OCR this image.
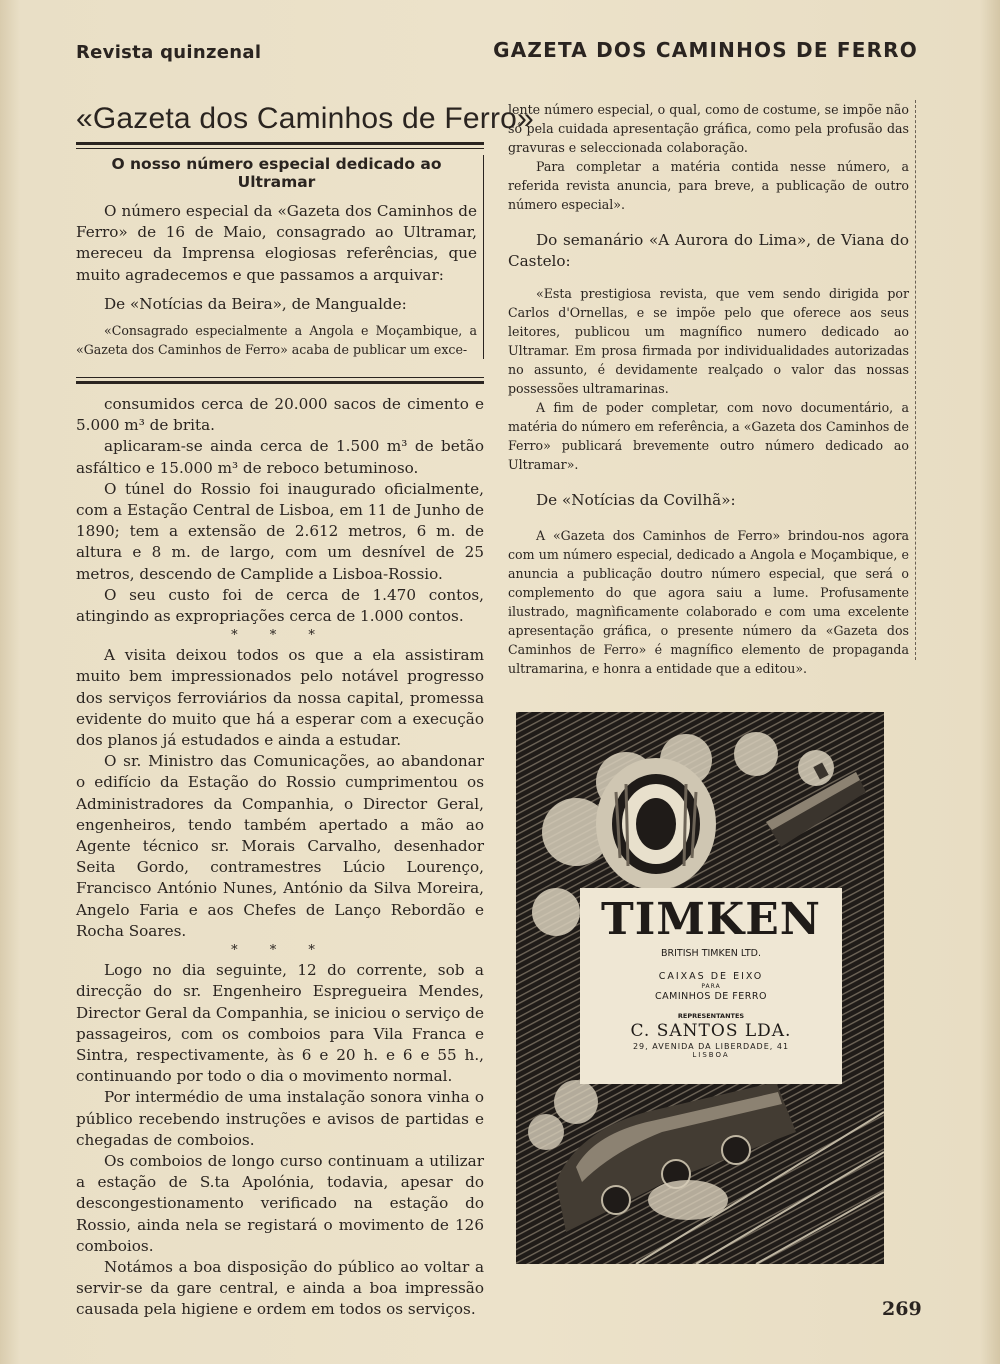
Revista quinzenal	GAZETA DOS CAMINHOS DE FERRO
«Gazeta dos Caminhos de Ferro»
O nosso número especial dedicado ao Ultramar

O número especial da «Gazeta dos Caminhos de Ferro» de 16 de Maio, consagrado ao Ultramar, mereceu da Imprensa elogiosas referências, que muito agradecemos e que passamos a arquivar:

De «Notícias da Beira», de Mangualde:

«Consagrado especialmente a Angola e Moçambique, a «Gazeta dos Caminhos de Ferro» acaba de publicar um exce-

consumidos cerca de 20.000 sacos de cimento e 5.000 m³ de brita.

aplicaram-se ainda cerca de 1.500 m³ de betão asfáltico e 15.000 m³ de reboco betuminoso.

O túnel do Rossio foi inaugurado oficialmente, com a Estação Central de Lisboa, em 11 de Junho de 1890; tem a extensão de 2.612 metros, 6 m. de altura e 8 m. de largo, com um desnível de 25 metros, descendo de Camplide a Lisboa-Rossio.

O seu custo foi de cerca de 1.470 contos, atingindo as expropriações cerca de 1.000 contos.

* * *

A visita deixou todos os que a ela assistiram muito bem impressionados pelo notável progresso dos serviços ferroviários da nossa capital, promessa evidente do muito que há a esperar com a execução dos planos já estudados e ainda a estudar.

O sr. Ministro das Comunicações, ao abandonar o edifício da Estação do Rossio cumprimentou os Administradores da Companhia, o Director Geral, engenheiros, tendo também apertado a mão ao Agente técnico sr. Morais Carvalho, desenhador Seita Gordo, contramestres Lúcio Lourenço, Francisco António Nunes, António da Silva Moreira, Angelo Faria e aos Chefes de Lanço Rebordão e Rocha Soares.

* * *

Logo no dia seguinte, 12 do corrente, sob a direcção do sr. Engenheiro Espregueira Mendes, Director Geral da Companhia, se iniciou o serviço de passageiros, com os comboios para Vila Franca e Sintra, respectivamente, às 6 e 20 h. e 6 e 55 h., continuando por todo o dia o movimento normal.

Por intermédio de uma instalação sonora vinha o público recebendo instruções e avisos de partidas e chegadas de comboios.

Os comboios de longo curso continuam a utilizar a estação de S.ta Apolónia, todavia, apesar do descongestionamento verificado na estação do Rossio, ainda nela se registará o movimento de 126 comboios.

Notámos a boa disposição do público ao voltar a servir-se da gare central, e ainda a boa impressão causada pela higiene e ordem em todos os serviços.

lente número especial, o qual, como de costume, se impõe não só pela cuidada apresentação gráfica, como pela profusão das gravuras e seleccionada colaboração.

Para completar a matéria contida nesse número, a referida revista anuncia, para breve, a publicação de outro número especial».

Do semanário «A Aurora do Lima», de Viana do Castelo:

«Esta prestigiosa revista, que vem sendo dirigida por Carlos d'Ornellas, e se impõe pelo que oferece aos seus leitores, publicou um magnífico numero dedicado ao Ultramar. Em prosa firmada por individualidades autorizadas no assunto, é devidamente realçado o valor das nossas possessões ultramarinas.

A fim de poder completar, com novo documentário, a matéria do número em referência, a «Gazeta dos Caminhos de Ferro» publicará brevemente outro número dedicado ao Ultramar».

De «Notícias da Covilhã»:

A «Gazeta dos Caminhos de Ferro» brindou-nos agora com um número especial, dedicado a Angola e Moçambique, e anuncia a publicação doutro número especial, que será o complemento do que agora saiu a lume. Profusamente ilustrado, magnìficamente colaborado e com uma excelente apresentação gráfica, o presente número da «Gazeta dos Caminhos de Ferro» é magnífico elemento de propaganda ultramarina, e honra a entidade que a editou».

TIMKEN
BRITISH TIMKEN LTD.
CAIXAS DE EIXO
PARA
CAMINHOS DE FERRO
REPRESENTANTES
C. SANTOS LDA.
29, AVENIDA DA LIBERDADE, 41
LISBOA
269
